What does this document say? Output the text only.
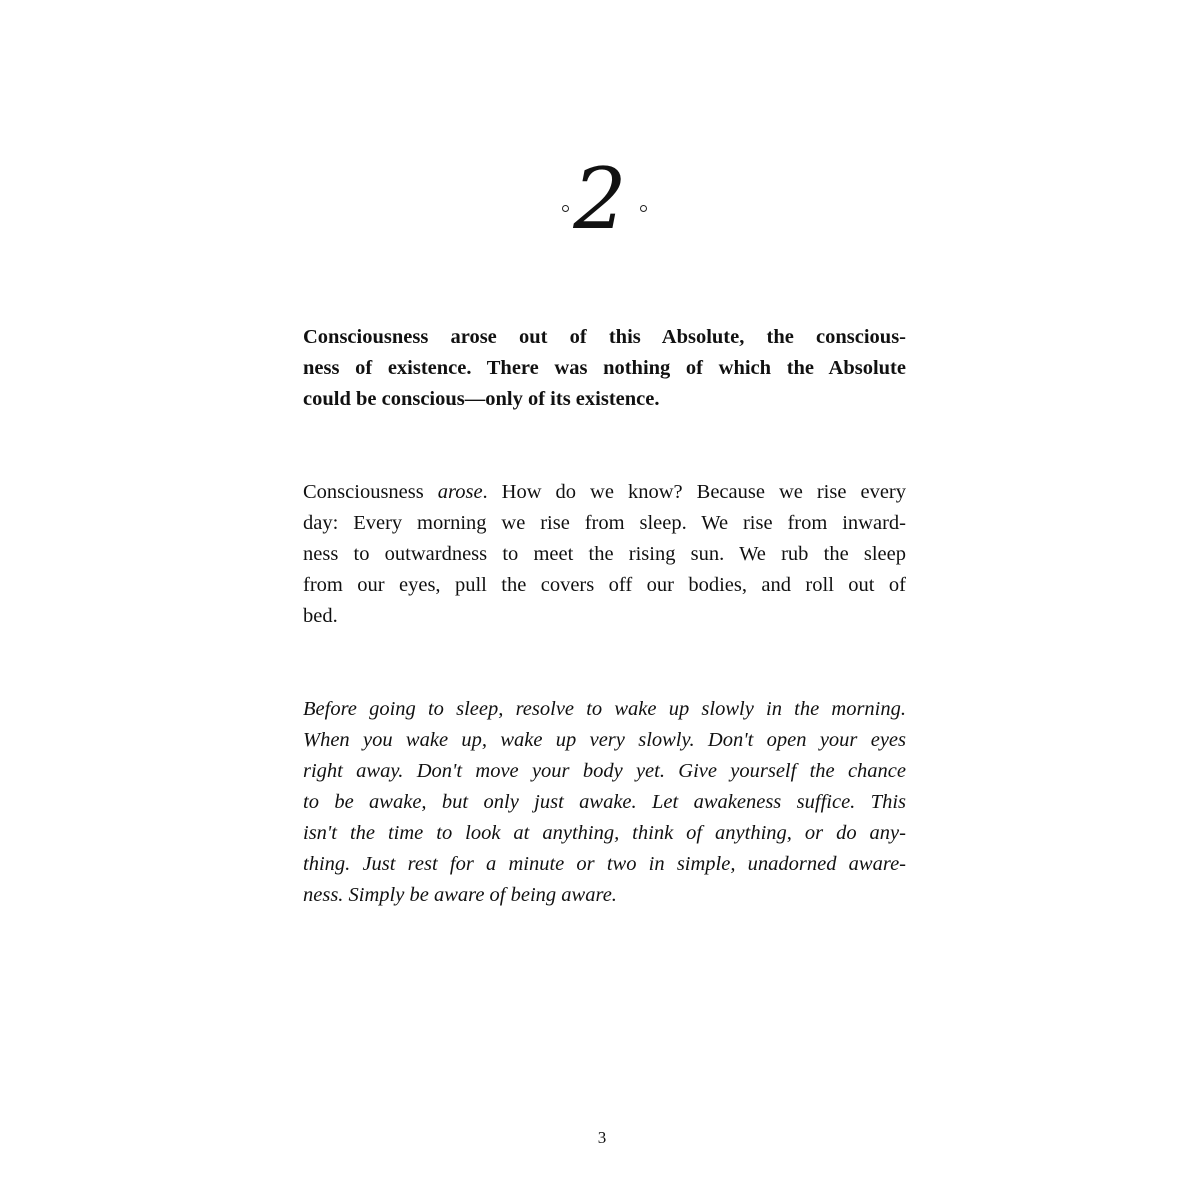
2
Consciousness arose out of this Absolute, the conscious-
ness of existence. There was nothing of which the Absolute
could be conscious—only of its existence.
Consciousness arose. How do we know? Because we rise every
day: Every morning we rise from sleep. We rise from inward-
ness to outwardness to meet the rising sun. We rub the sleep
from our eyes, pull the covers off our bodies, and roll out of
bed.
Before going to sleep, resolve to wake up slowly in the morning.
When you wake up, wake up very slowly. Don't open your eyes
right away. Don't move your body yet. Give yourself the chance
to be awake, but only just awake. Let awakeness suffice. This
isn't the time to look at anything, think of anything, or do any-
thing. Just rest for a minute or two in simple, unadorned aware-
ness. Simply be aware of being aware.
3
